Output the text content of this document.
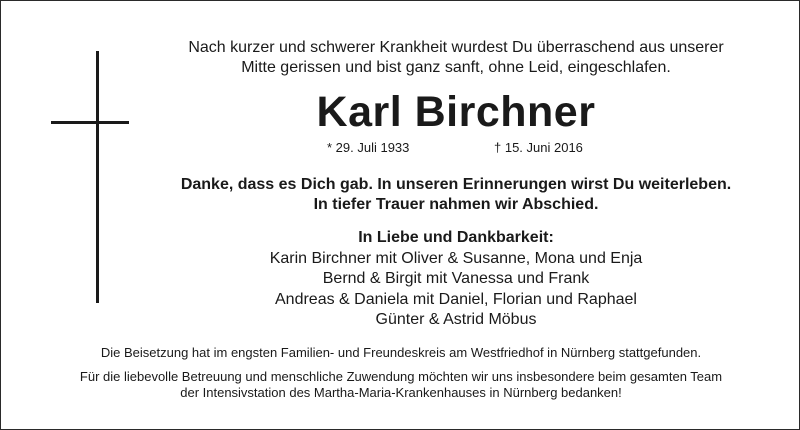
Nach kurzer und schwerer Krankheit wurdest Du überraschend aus unserer
Mitte gerissen und bist ganz sanft, ohne Leid, eingeschlafen.
Karl Birchner
* 29. Juli 1933	† 15. Juni 2016
Danke, dass es Dich gab. In unseren Erinnerungen wirst Du weiterleben.
In tiefer Trauer nahmen wir Abschied.
In Liebe und Dankbarkeit:
Karin Birchner mit Oliver & Susanne, Mona und Enja
Bernd & Birgit mit Vanessa und Frank
Andreas & Daniela mit Daniel, Florian und Raphael
Günter & Astrid Möbus
Die Beisetzung hat im engsten Familien- und Freundeskreis am Westfriedhof in Nürnberg stattgefunden.
Für die liebevolle Betreuung und menschliche Zuwendung möchten wir uns insbesondere beim gesamten Team
der Intensivstation des Martha-Maria-Krankenhauses in Nürnberg bedanken!
